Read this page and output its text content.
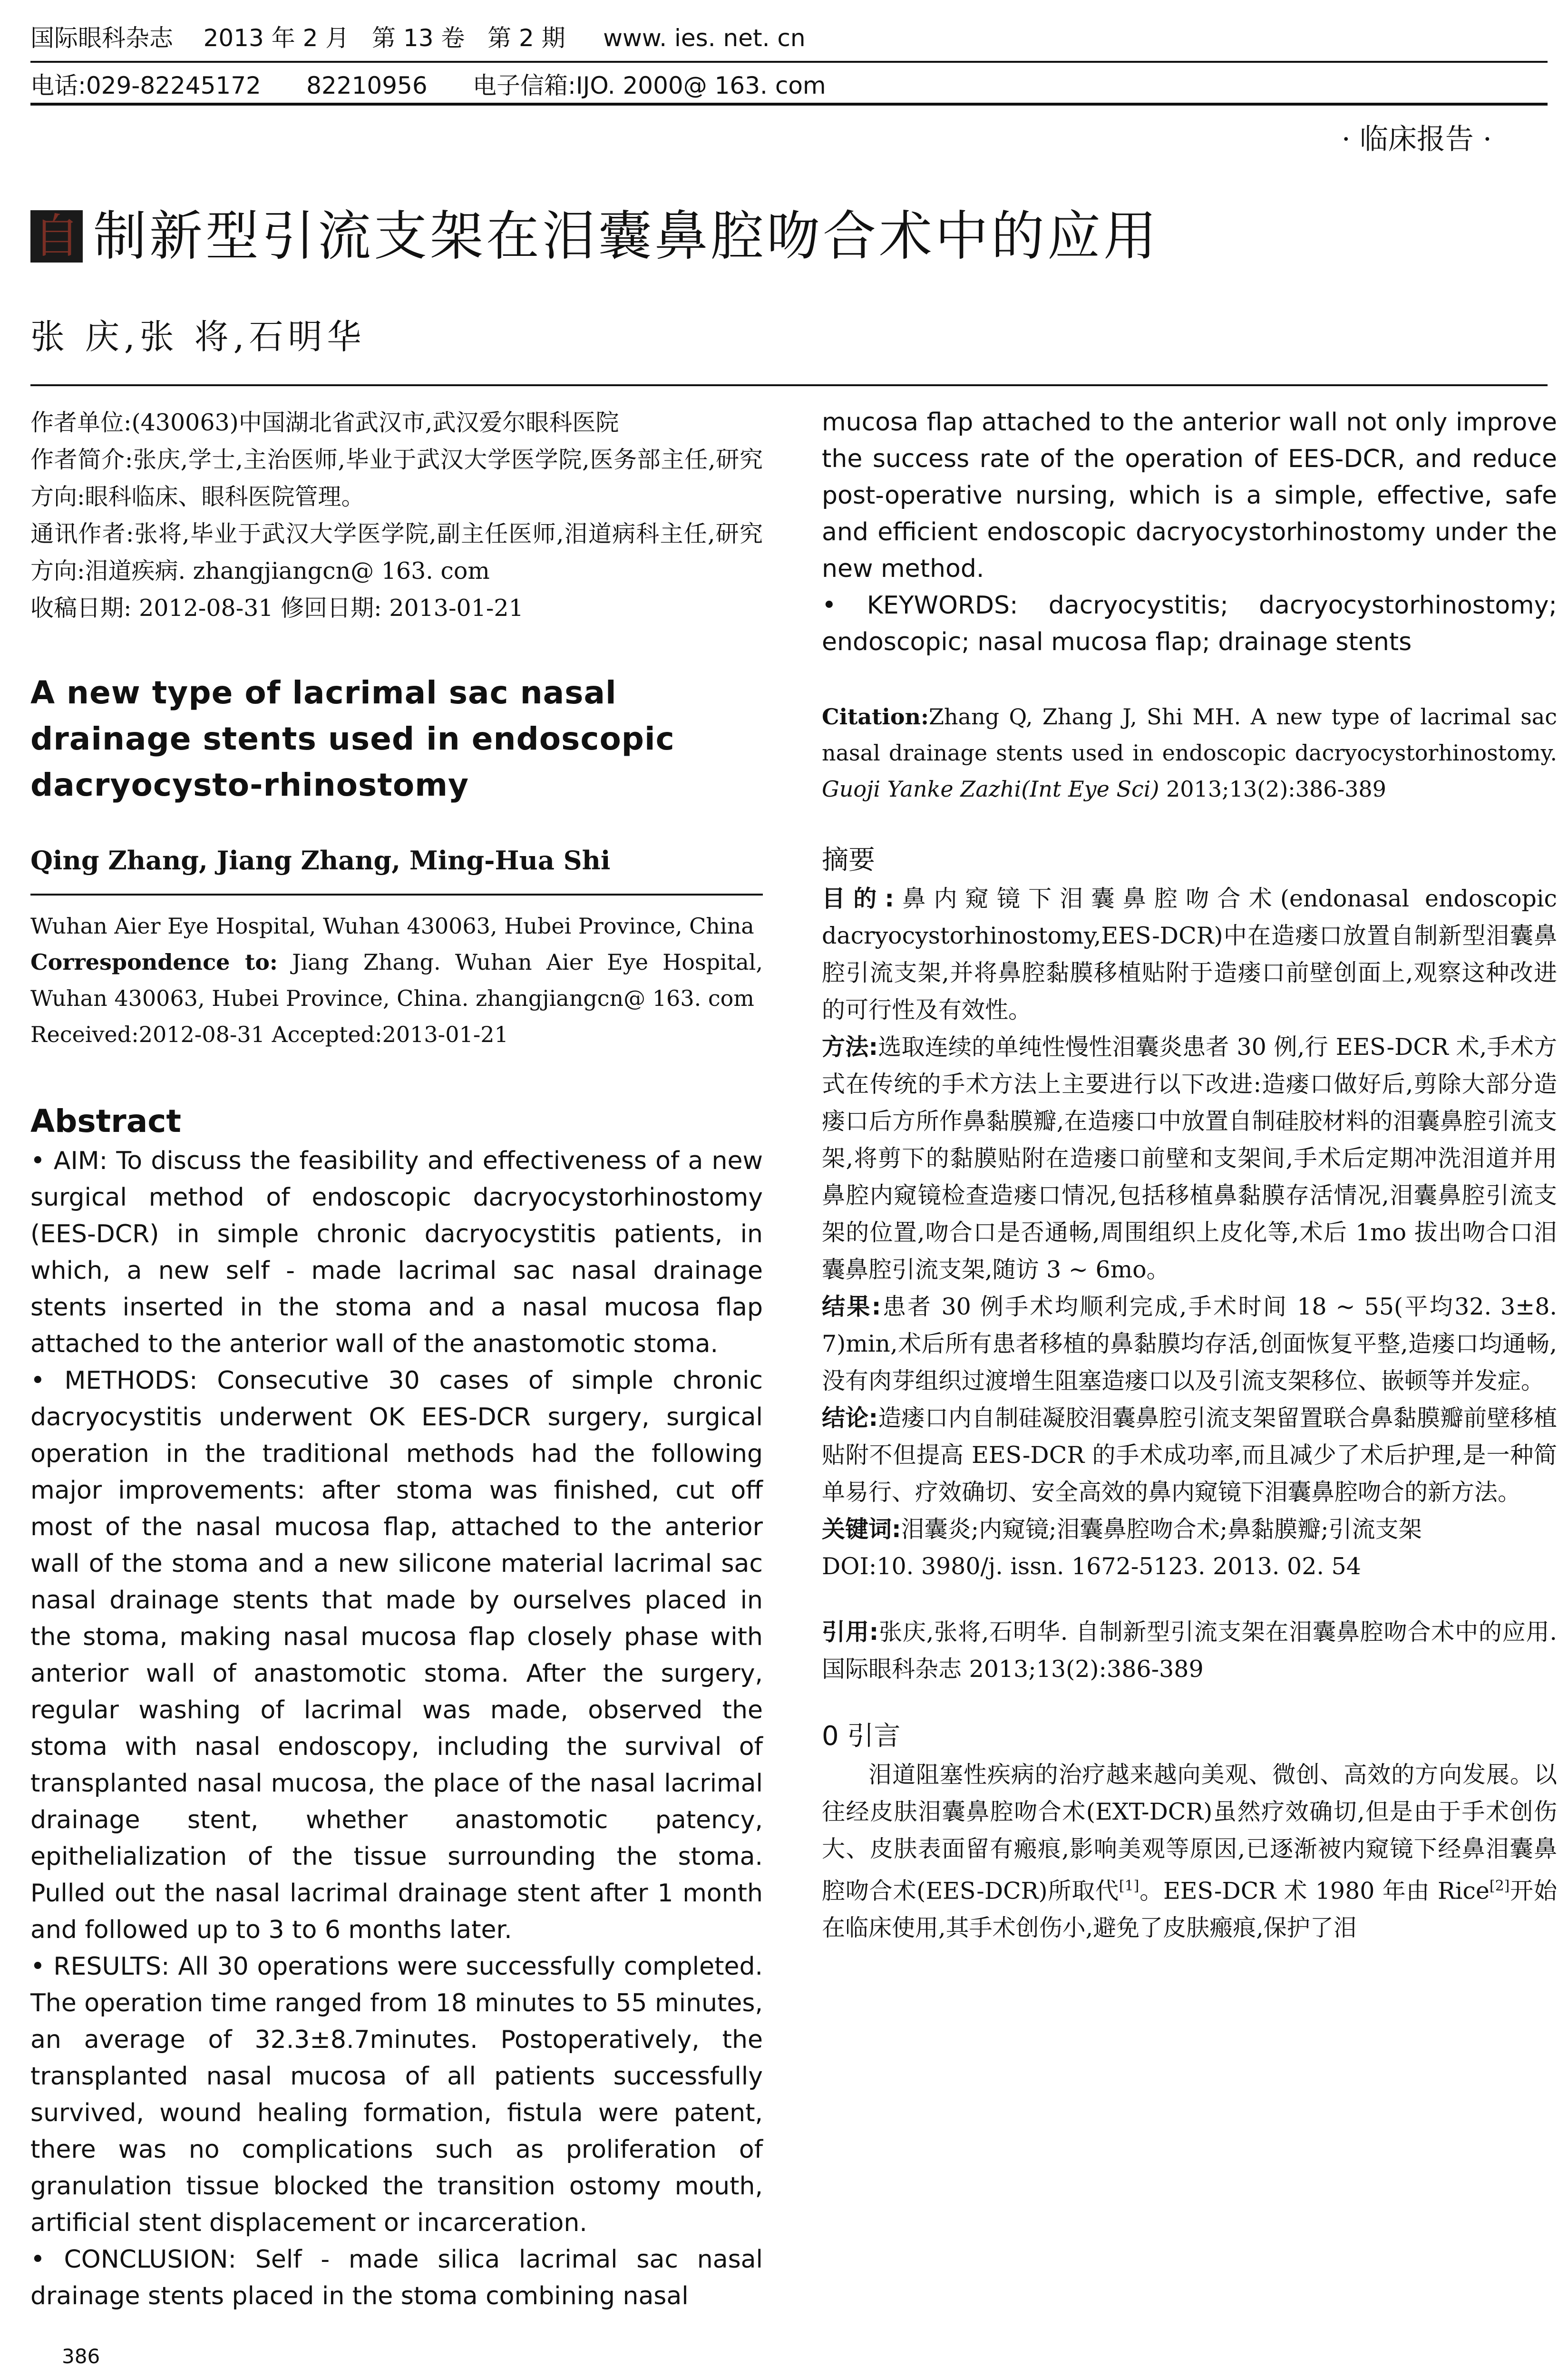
国际眼科杂志    2013 年 2 月   第 13 卷   第 2 期     www. ies. net. cn
电话:029-82245172      82210956      电子信箱:IJO. 2000@ 163. com
· 临床报告 ·
自 制新型引流支架在泪囊鼻腔吻合术中的应用
张 庆,张 将,石明华

作者单位:(430063)中国湖北省武汉市,武汉爱尔眼科医院

作者简介:张庆,学士,主治医师,毕业于武汉大学医学院,医务部主任,研究方向:眼科临床、眼科医院管理。

通讯作者:张将,毕业于武汉大学医学院,副主任医师,泪道病科主任,研究方向:泪道疾病. zhangjiangcn@ 163. com

收稿日期: 2012-08-31 修回日期: 2013-01-21

A new type of lacrimal sac nasal drainage stents used in endoscopic dacryocysto-rhinostomy

Qing Zhang, Jiang Zhang, Ming-Hua Shi

Wuhan Aier Eye Hospital, Wuhan 430063, Hubei Province, China

Correspondence to: Jiang Zhang. Wuhan Aier Eye Hospital, Wuhan 430063, Hubei Province, China. zhangjiangcn@ 163. com

Received:2012-08-31 Accepted:2013-01-21

Abstract

• AIM: To discuss the feasibility and effectiveness of a new surgical method of endoscopic dacryocystorhinostomy (EES-DCR) in simple chronic dacryocystitis patients, in which, a new self - made lacrimal sac nasal drainage stents inserted in the stoma and a nasal mucosa flap attached to the anterior wall of the anastomotic stoma.

• METHODS: Consecutive 30 cases of simple chronic dacryocystitis underwent OK EES-DCR surgery, surgical operation in the traditional methods had the following major improvements: after stoma was finished, cut off most of the nasal mucosa flap, attached to the anterior wall of the stoma and a new silicone material lacrimal sac nasal drainage stents that made by ourselves placed in the stoma, making nasal mucosa flap closely phase with anterior wall of anastomotic stoma. After the surgery, regular washing of lacrimal was made, observed the stoma with nasal endoscopy, including the survival of transplanted nasal mucosa, the place of the nasal lacrimal drainage stent, whether anastomotic patency, epithelialization of the tissue surrounding the stoma. Pulled out the nasal lacrimal drainage stent after 1 month and followed up to 3 to 6 months later.

• RESULTS: All 30 operations were successfully completed. The operation time ranged from 18 minutes to 55 minutes, an average of 32.3±8.7minutes. Postoperatively, the transplanted nasal mucosa of all patients successfully survived, wound healing formation, fistula were patent, there was no complications such as proliferation of granulation tissue blocked the transition ostomy mouth, artificial stent displacement or incarceration.

• CONCLUSION: Self - made silica lacrimal sac nasal drainage stents placed in the stoma combining nasal

mucosa flap attached to the anterior wall not only improve the success rate of the operation of EES-DCR, and reduce post-operative nursing, which is a simple, effective, safe and efficient endoscopic dacryocystorhinostomy under the new method.

• KEYWORDS: dacryocystitis; dacryocystorhinostomy; endoscopic; nasal mucosa flap; drainage stents

Citation:Zhang Q, Zhang J, Shi MH. A new type of lacrimal sac nasal drainage stents used in endoscopic dacryocystorhinostomy. Guoji Yanke Zazhi(Int Eye Sci) 2013;13(2):386-389

摘要

目的:鼻内窥镜下泪囊鼻腔吻合术(endonasal endoscopic dacryocystorhinostomy,EES-DCR)中在造瘘口放置自制新型泪囊鼻腔引流支架,并将鼻腔黏膜移植贴附于造瘘口前壁创面上,观察这种改进的可行性及有效性。

方法:选取连续的单纯性慢性泪囊炎患者 30 例,行 EES-DCR 术,手术方式在传统的手术方法上主要进行以下改进:造瘘口做好后,剪除大部分造瘘口后方所作鼻黏膜瓣,在造瘘口中放置自制硅胶材料的泪囊鼻腔引流支架,将剪下的黏膜贴附在造瘘口前壁和支架间,手术后定期冲洗泪道并用鼻腔内窥镜检查造瘘口情况,包括移植鼻黏膜存活情况,泪囊鼻腔引流支架的位置,吻合口是否通畅,周围组织上皮化等,术后 1mo 拔出吻合口泪囊鼻腔引流支架,随访 3 ~ 6mo。

结果:患者 30 例手术均顺利完成,手术时间 18 ~ 55(平均32. 3±8. 7)min,术后所有患者移植的鼻黏膜均存活,创面恢复平整,造瘘口均通畅,没有肉芽组织过渡增生阻塞造瘘口以及引流支架移位、嵌顿等并发症。

结论:造瘘口内自制硅凝胶泪囊鼻腔引流支架留置联合鼻黏膜瓣前壁移植贴附不但提高 EES-DCR 的手术成功率,而且减少了术后护理,是一种简单易行、疗效确切、安全高效的鼻内窥镜下泪囊鼻腔吻合的新方法。

关键词:泪囊炎;内窥镜;泪囊鼻腔吻合术;鼻黏膜瓣;引流支架

DOI:10. 3980/j. issn. 1672-5123. 2013. 02. 54

引用:张庆,张将,石明华. 自制新型引流支架在泪囊鼻腔吻合术中的应用. 国际眼科杂志 2013;13(2):386-389

0 引言

泪道阻塞性疾病的治疗越来越向美观、微创、高效的方向发展。以往经皮肤泪囊鼻腔吻合术(EXT-DCR)虽然疗效确切,但是由于手术创伤大、皮肤表面留有瘢痕,影响美观等原因,已逐渐被内窥镜下经鼻泪囊鼻腔吻合术(EES-DCR)所取代[1]。EES-DCR 术 1980 年由 Rice[2]开始在临床使用,其手术创伤小,避免了皮肤瘢痕,保护了泪

386
